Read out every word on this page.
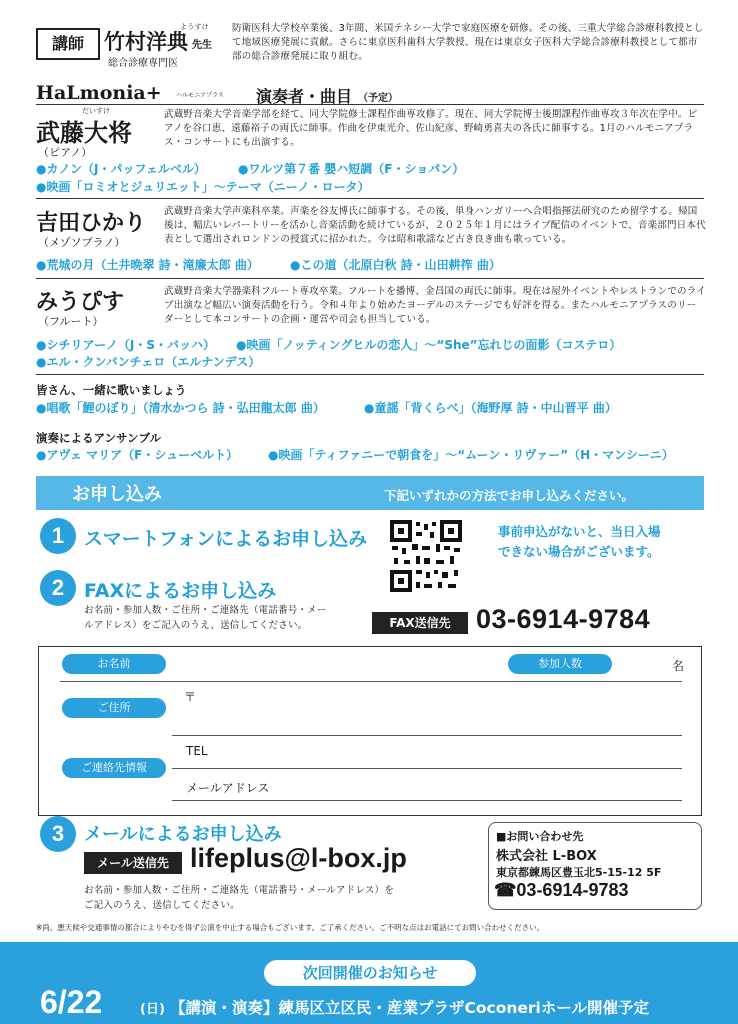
講師
ようすけ
竹村洋典 先生
総合診療専門医
防衛医科大学校卒業後、3年間、米国テネシー大学で家庭医療を研修。その後、三重大学総合診療科教授として地域医療発展に貢献。さらに東京医科歯科大学教授、現在は東京女子医科大学総合診療科教授として都市部の総合診療発展に取り組む。
HaLmonia+ ハルモニアプラス 演奏者・曲目 （予定）
だいすけ
武藤大将
（ピアノ）
武蔵野音楽大学音楽学部を経て、同大学院修士課程作曲専攻修了。現在、同大学院博士後期課程作曲専攻３年次在学中。ピアノを谷口恵、遠藤裕子の両氏に師事。作曲を伊東光介、佐山紀彦、野崎勇喜夫の各氏に師事する。1月のハルモニアプラス・コンサートにも出演する。
●カノン（J・パッフェルベル）	●ワルツ第７番 嬰ハ短調（F・ショパン）
●映画「ロミオとジュリエット」～テーマ（ニーノ・ロータ）
吉田ひかり
（メゾソプラノ）
武蔵野音楽大学声楽科卒業。声楽を谷友博氏に師事する。その後、単身ハンガリーへ合唱指揮法研究のため留学する。帰国後は、幅広いレパートリーを活かし音楽活動を続けているが、２０２５年１月にはライブ配信のイベントで、音楽部門日本代表として選出されロンドンの授賞式に招かれた。今は昭和歌謡など古き良き曲も歌っている。
●荒城の月（土井晩翠 詩・滝廉太郎 曲）	●この道（北原白秋 詩・山田耕筰 曲）
みうぴす
（フルート）
武蔵野音楽大学器楽科フルート専攻卒業。フルートを播博、金昌国の両氏に師事。現在は屋外イベントやレストランでのライブ出演など幅広い演奏活動を行う。令和４年より始めたヨーデルのステージでも好評を得る。またハルモニアプラスのリーダーとして本コンサートの企画・運営や司会も担当している。
●シチリアーノ（J・S・バッハ） ●映画「ノッティングヒルの恋人」～“She”忘れじの面影（コステロ）
●エル・クンバンチェロ（エルナンデス）
皆さん、一緒に歌いましょう
●唱歌「鯉のぼり」（清水かつら 詩・弘田龍太郎 曲）	●童謡「背くらべ」（海野厚 詩・中山晋平 曲）
演奏によるアンサンブル
●アヴェ マリア（F・シューベルト） ●映画「ティファニーで朝食を」～“ムーン・リヴァー”（H・マンシーニ）
お申し込み	下記いずれかの方法でお申し込みください。
1	スマートフォンによるお申し込み	事前申込がないと、当日入場
できない場合がございます。
2	FAXによるお申し込み
お名前・参加人数・ご住所・ご連絡先（電話番号・メー
ルアドレス）をご記入のうえ、送信してください。	FAX送信先 03-6914-9784
お名前	参加人数	名
ご住所
〒
ご連絡先情報
TEL
メールアドレス
3	メールによるお申し込み
メール送信先 lifeplus@l-box.jp
お名前・参加人数・ご住所・ご連絡先（電話番号・メールアドレス）を
ご記入のうえ、送信してください。
■お問い合わせ先
株式会社 L-BOX
東京都練馬区豊玉北5-15-12 5F
☎03-6914-9783
※尚、悪天候や交通事情の都合によりやむを得ず公演を中止する場合もございます。ご了承ください。ご不明な点はお電話にてお問い合わせください。
次回開催のお知らせ
6/22	(日) 【講演・演奏】練馬区立区民・産業プラザCoconeriホール開催予定
